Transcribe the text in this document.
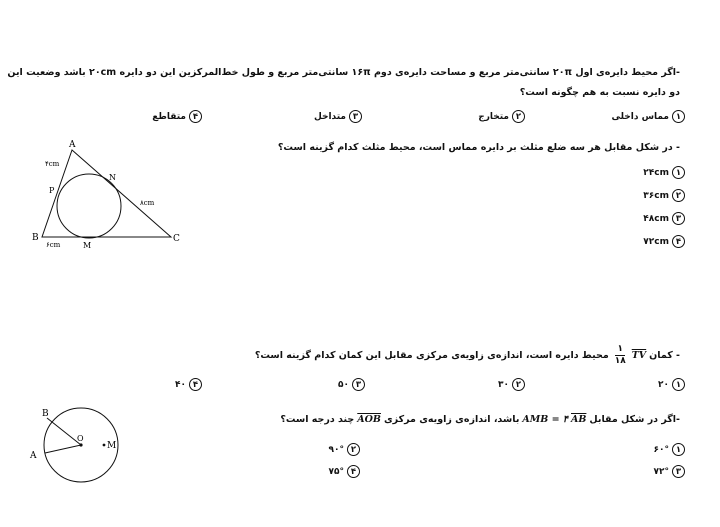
-اگر محیط دایره‌ی اول ۲۰π سانتی‌متر مربع و مساحت دایره‌ی دوم ۱۶π سانتی‌متر مربع و طول خط‌المرکزین این دو دایره ۲۰cm باشد وضعیت این
دو دایره نسبت به هم چگونه است؟
۱
مماس داخلی
۲
متخارج
۳
متداخل
۴
متقاطع
- در شکل مقابل هر سه ضلع مثلث بر دایره مماس است، محیط مثلث کدام گزینه است؟
۱
۲۴cm
۲
۳۶cm
۳
۴۸cm
۴
۷۲cm
A
B	C
N
P
M
۴cm
۸cm
۶cm
- کمان
TV
$\frac{۱}{۱۸}$
محیط دایره است، اندازه‌ی زاویه‌ی مرکزی مقابل این کمان کدام گزینه است؟
۱
۲۰
۲
۳۰
۳
۵۰
۴
۴۰
-اگر در شکل مقابل
AB
AMB = ۴
باشد، اندازه‌ی زاویه‌ی مرکزی
AOB
چند درجه است؟
۱
۶۰°
۲
۹۰°
۳
۷۲°
۴
۷۵°
B
A
O
M
